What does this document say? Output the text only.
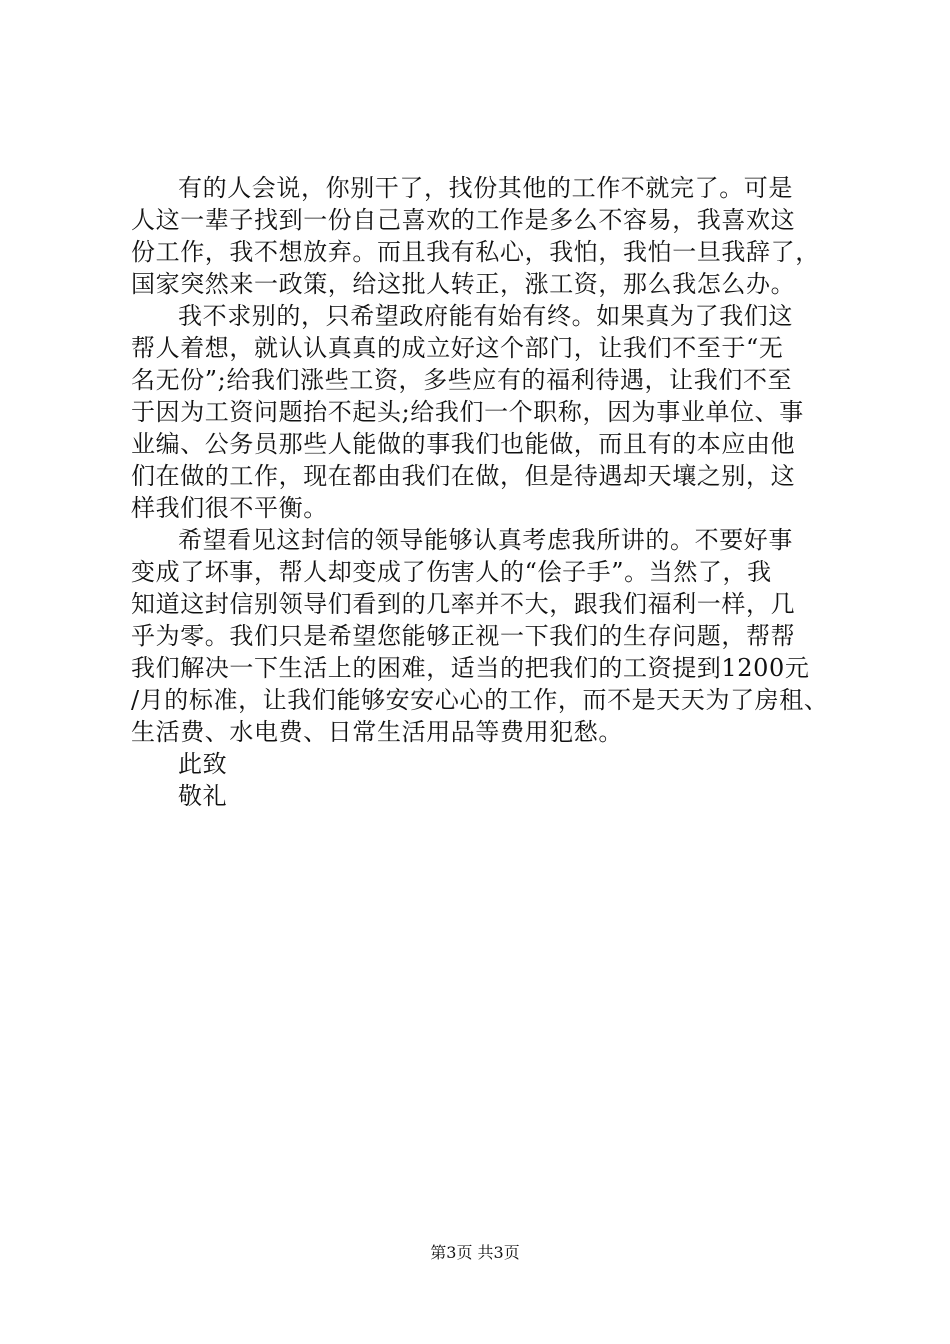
有的人会说，你别干了，找份其他的工作不就完了。可是
人这一辈子找到一份自己喜欢的工作是多么不容易，我喜欢这
份工作，我不想放弃。而且我有私心，我怕，我怕一旦我辞了，
国家突然来一政策，给这批人转正，涨工资，那么我怎么办。
我不求别的，只希望政府能有始有终。如果真为了我们这
帮人着想，就认认真真的成立好这个部门，让我们不至于“无
名无份”;给我们涨些工资，多些应有的福利待遇，让我们不至
于因为工资问题抬不起头;给我们一个职称，因为事业单位、事
业编、公务员那些人能做的事我们也能做，而且有的本应由他
们在做的工作，现在都由我们在做，但是待遇却天壤之别，这
样我们很不平衡。
希望看见这封信的领导能够认真考虑我所讲的。不要好事
变成了坏事，帮人却变成了伤害人的“侩子手”。当然了，我
知道这封信别领导们看到的几率并不大，跟我们福利一样，几
乎为零。我们只是希望您能够正视一下我们的生存问题，帮帮
我们解决一下生活上的困难，适当的把我们的工资提到1200元
/月的标准，让我们能够安安心心的工作，而不是天天为了房租、
生活费、水电费、日常生活用品等费用犯愁。
此致
敬礼
第3页 共3页
